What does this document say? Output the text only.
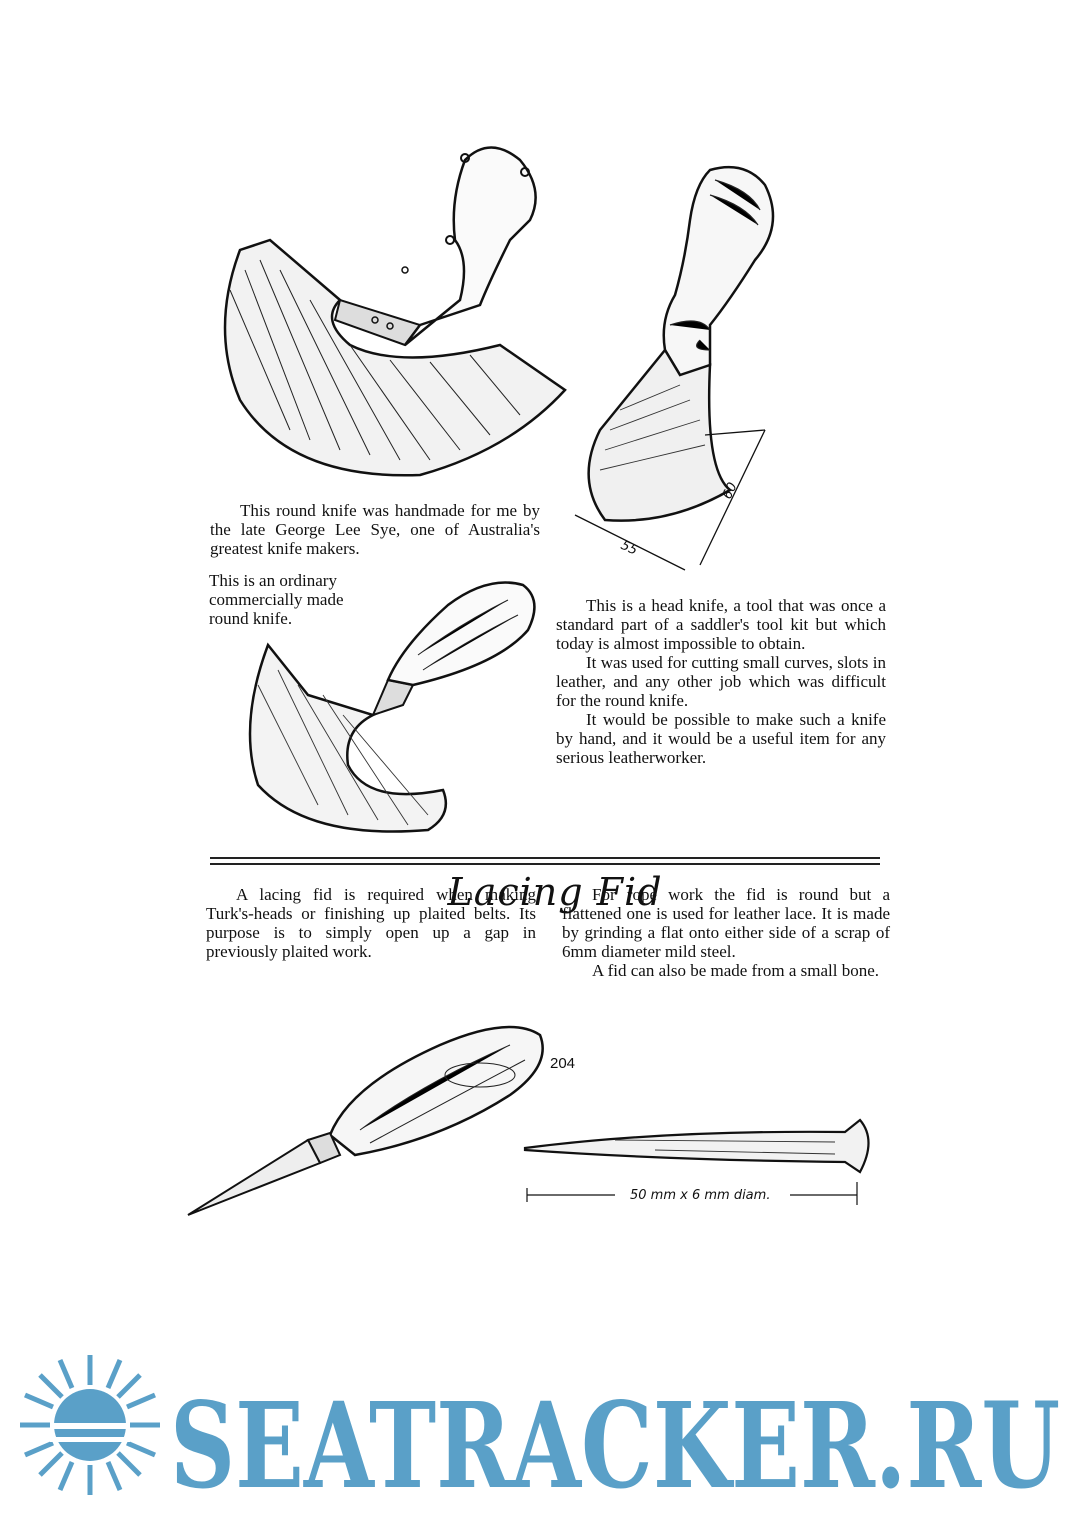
60
55
This round knife was handmade for me by the late George Lee Sye, one of Australia's greatest knife makers.
This is an ordinary commercially made round knife.

This is a head knife, a tool that was once a standard part of a saddler's tool kit but which today is almost impossible to obtain.

It was used for cutting small curves, slots in leather, and any other job which was difficult for the round knife.

It would be possible to make such a knife by hand, and it would be a useful item for any serious leatherworker.

Lacing Fid
A lacing fid is required when making Turk's-heads or finishing up plaited belts. Its purpose is to simply open up a gap in previously plaited work.

For rope work the fid is round but a flattened one is used for leather lace. It is made by grinding a flat onto either side of a scrap of 6mm diameter mild steel.

A fid can also be made from a small bone.

204
50 mm x 6 mm diam.
SEATRACKER.RU
